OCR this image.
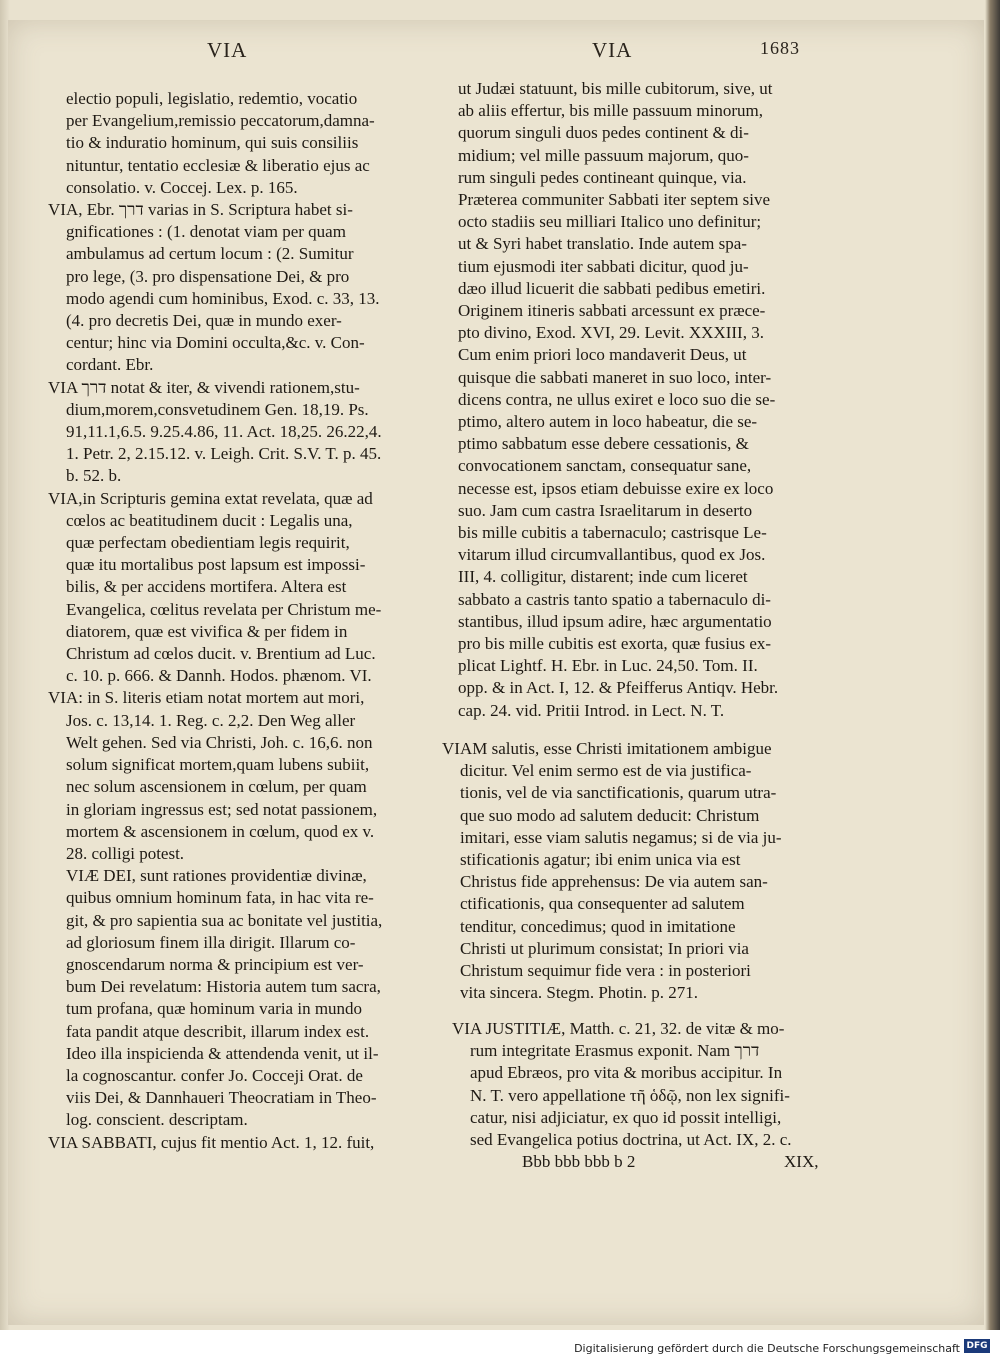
VIA	VIA	1683
electio populi, legislatio, redemtio, vocatio
per Evangelium,remissio peccatorum,damna-
tio & induratio hominum, qui suis consiliis
nituntur, tentatio ecclesiæ & liberatio ejus ac
consolatio. v. Coccej. Lex. p. 165.
VIA, Ebr. דרך varias in S. Scriptura habet si-
gnificationes : (1. denotat viam per quam
ambulamus ad certum locum : (2. Sumitur
pro lege, (3. pro dispensatione Dei, & pro
modo agendi cum hominibus, Exod. c. 33, 13.
(4. pro decretis Dei, quæ in mundo exer-
centur; hinc via Domini occulta,&c. v. Con-
cordant. Ebr.
VIA דרך notat & iter, & vivendi rationem,stu-
dium,morem,consvetudinem Gen. 18,19. Ps.
91,11.1,6.5. 9.25.4.86, 11. Act. 18,25. 26.22,4.
1. Petr. 2, 2.15.12. v. Leigh. Crit. S.V. T. p. 45.
b. 52. b.
VIA,in Scripturis gemina extat revelata, quæ ad
cœlos ac beatitudinem ducit : Legalis una,
quæ perfectam obedientiam legis requirit,
quæ itu mortalibus post lapsum est impossi-
bilis, & per accidens mortifera. Altera est
Evangelica, cœlitus revelata per Christum me-
diatorem, quæ est vivifica & per fidem in
Christum ad cœlos ducit. v. Brentium ad Luc.
c. 10. p. 666. & Dannh. Hodos. phænom. VI.
VIA: in S. literis etiam notat mortem aut mori,
Jos. c. 13,14. 1. Reg. c. 2,2. Den Weg aller
Welt gehen. Sed via Christi, Joh. c. 16,6. non
solum significat mortem,quam lubens subiit,
nec solum ascensionem in cœlum, per quam
in gloriam ingressus est; sed notat passionem,
mortem & ascensionem in cœlum, quod ex v.
28. colligi potest.
VIÆ DEI, sunt rationes providentiæ divinæ,
quibus omnium hominum fata, in hac vita re-
git, & pro sapientia sua ac bonitate vel justitia,
ad gloriosum finem illa dirigit. Illarum co-
gnoscendarum norma & principium est ver-
bum Dei revelatum: Historia autem tum sacra,
tum profana, quæ hominum varia in mundo
fata pandit atque describit, illarum index est.
Ideo illa inspicienda & attendenda venit, ut il-
la cognoscantur. confer Jo. Cocceji Orat. de
viis Dei, & Dannhaueri Theocratiam in Theo-
log. conscient. descriptam.
VIA SABBATI, cujus fit mentio Act. 1, 12. fuit,
ut Judæi statuunt, bis mille cubitorum, sive, ut
ab aliis effertur, bis mille passuum minorum,
quorum singuli duos pedes continent & di-
midium; vel mille passuum majorum, quo-
rum singuli pedes contineant quinque, via.
Præterea communiter Sabbati iter septem sive
octo stadiis seu milliari Italico uno definitur;
ut & Syri habet translatio. Inde autem spa-
tium ejusmodi iter sabbati dicitur, quod ju-
dæo illud licuerit die sabbati pedibus emetiri.
Originem itineris sabbati arcessunt ex præce-
pto divino, Exod. XVI, 29. Levit. XXXIII, 3.
Cum enim priori loco mandaverit Deus, ut
quisque die sabbati maneret in suo loco, inter-
dicens contra, ne ullus exiret e loco suo die se-
ptimo, altero autem in loco habeatur, die se-
ptimo sabbatum esse debere cessationis, &
convocationem sanctam, consequatur sane,
necesse est, ipsos etiam debuisse exire ex loco
suo. Jam cum castra Israelitarum in deserto
bis mille cubitis a tabernaculo; castrisque Le-
vitarum illud circumvallantibus, quod ex Jos.
III, 4. colligitur, distarent; inde cum liceret
sabbato a castris tanto spatio a tabernaculo di-
stantibus, illud ipsum adire, hæc argumentatio
pro bis mille cubitis est exorta, quæ fusius ex-
plicat Lightf. H. Ebr. in Luc. 24,50. Tom. II.
opp. & in Act. I, 12. & Pfeifferus Antiqv. Hebr.
cap. 24. vid. Pritii Introd. in Lect. N. T.
VIAM salutis, esse Christi imitationem ambigue
dicitur. Vel enim sermo est de via justifica-
tionis, vel de via sanctificationis, quarum utra-
que suo modo ad salutem deducit: Christum
imitari, esse viam salutis negamus; si de via ju-
stificationis agatur; ibi enim unica via est
Christus fide apprehensus: De via autem san-
ctificationis, qua consequenter ad salutem
tenditur, concedimus; quod in imitatione
Christi ut plurimum consistat; In priori via
Christum sequimur fide vera : in posteriori
vita sincera. Stegm. Photin. p. 271.
VIA JUSTITIÆ, Matth. c. 21, 32. de vitæ & mo-
rum integritate Erasmus exponit. Nam דרך
apud Ebræos, pro vita & moribus accipitur. In
N. T. vero appellatione τῆ ὁδῷ, non lex signifi-
catur, nisi adjiciatur, ex quo id possit intelligi,
sed Evangelica potius doctrina, ut Act. IX, 2. c.
Bbb bbb bbb b 2	XIX,
Digitalisierung gefördert durch die Deutsche Forschungsgemeinschaft DFG
